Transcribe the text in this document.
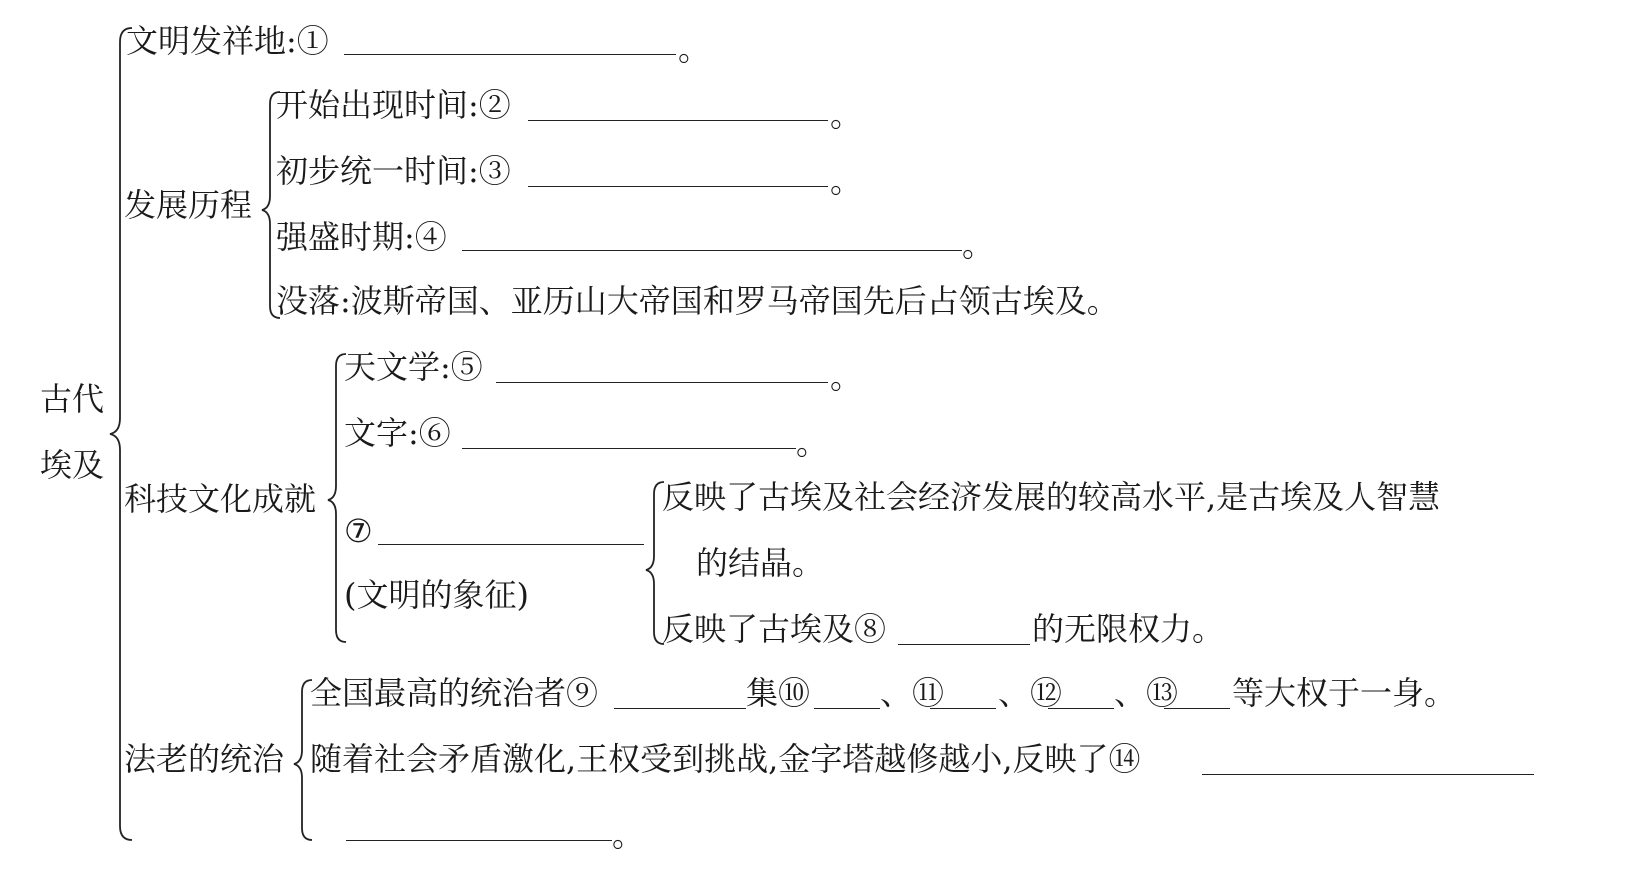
古代
埃及
文明发祥地:①	。
发展历程
开始出现时间:②	。
初步统一时间:③	。
强盛时期:④	。
没落:波斯帝国、亚历山大帝国和罗马帝国先后占领古埃及。
科技文化成就
天文学:⑤	。
文字:⑥	。
⑦
(文明的象征)
反映了古埃及社会经济发展的较高水平,是古埃及人智慧
的结晶。
反映了古埃及⑧	的无限权力。
法老的统治
全国最高的统治者⑨	集⑩ 、⑪ 、⑫ 、⑬ 等大权于一身。
随着社会矛盾激化,王权受到挑战,金字塔越修越小,反映了⑭
。
